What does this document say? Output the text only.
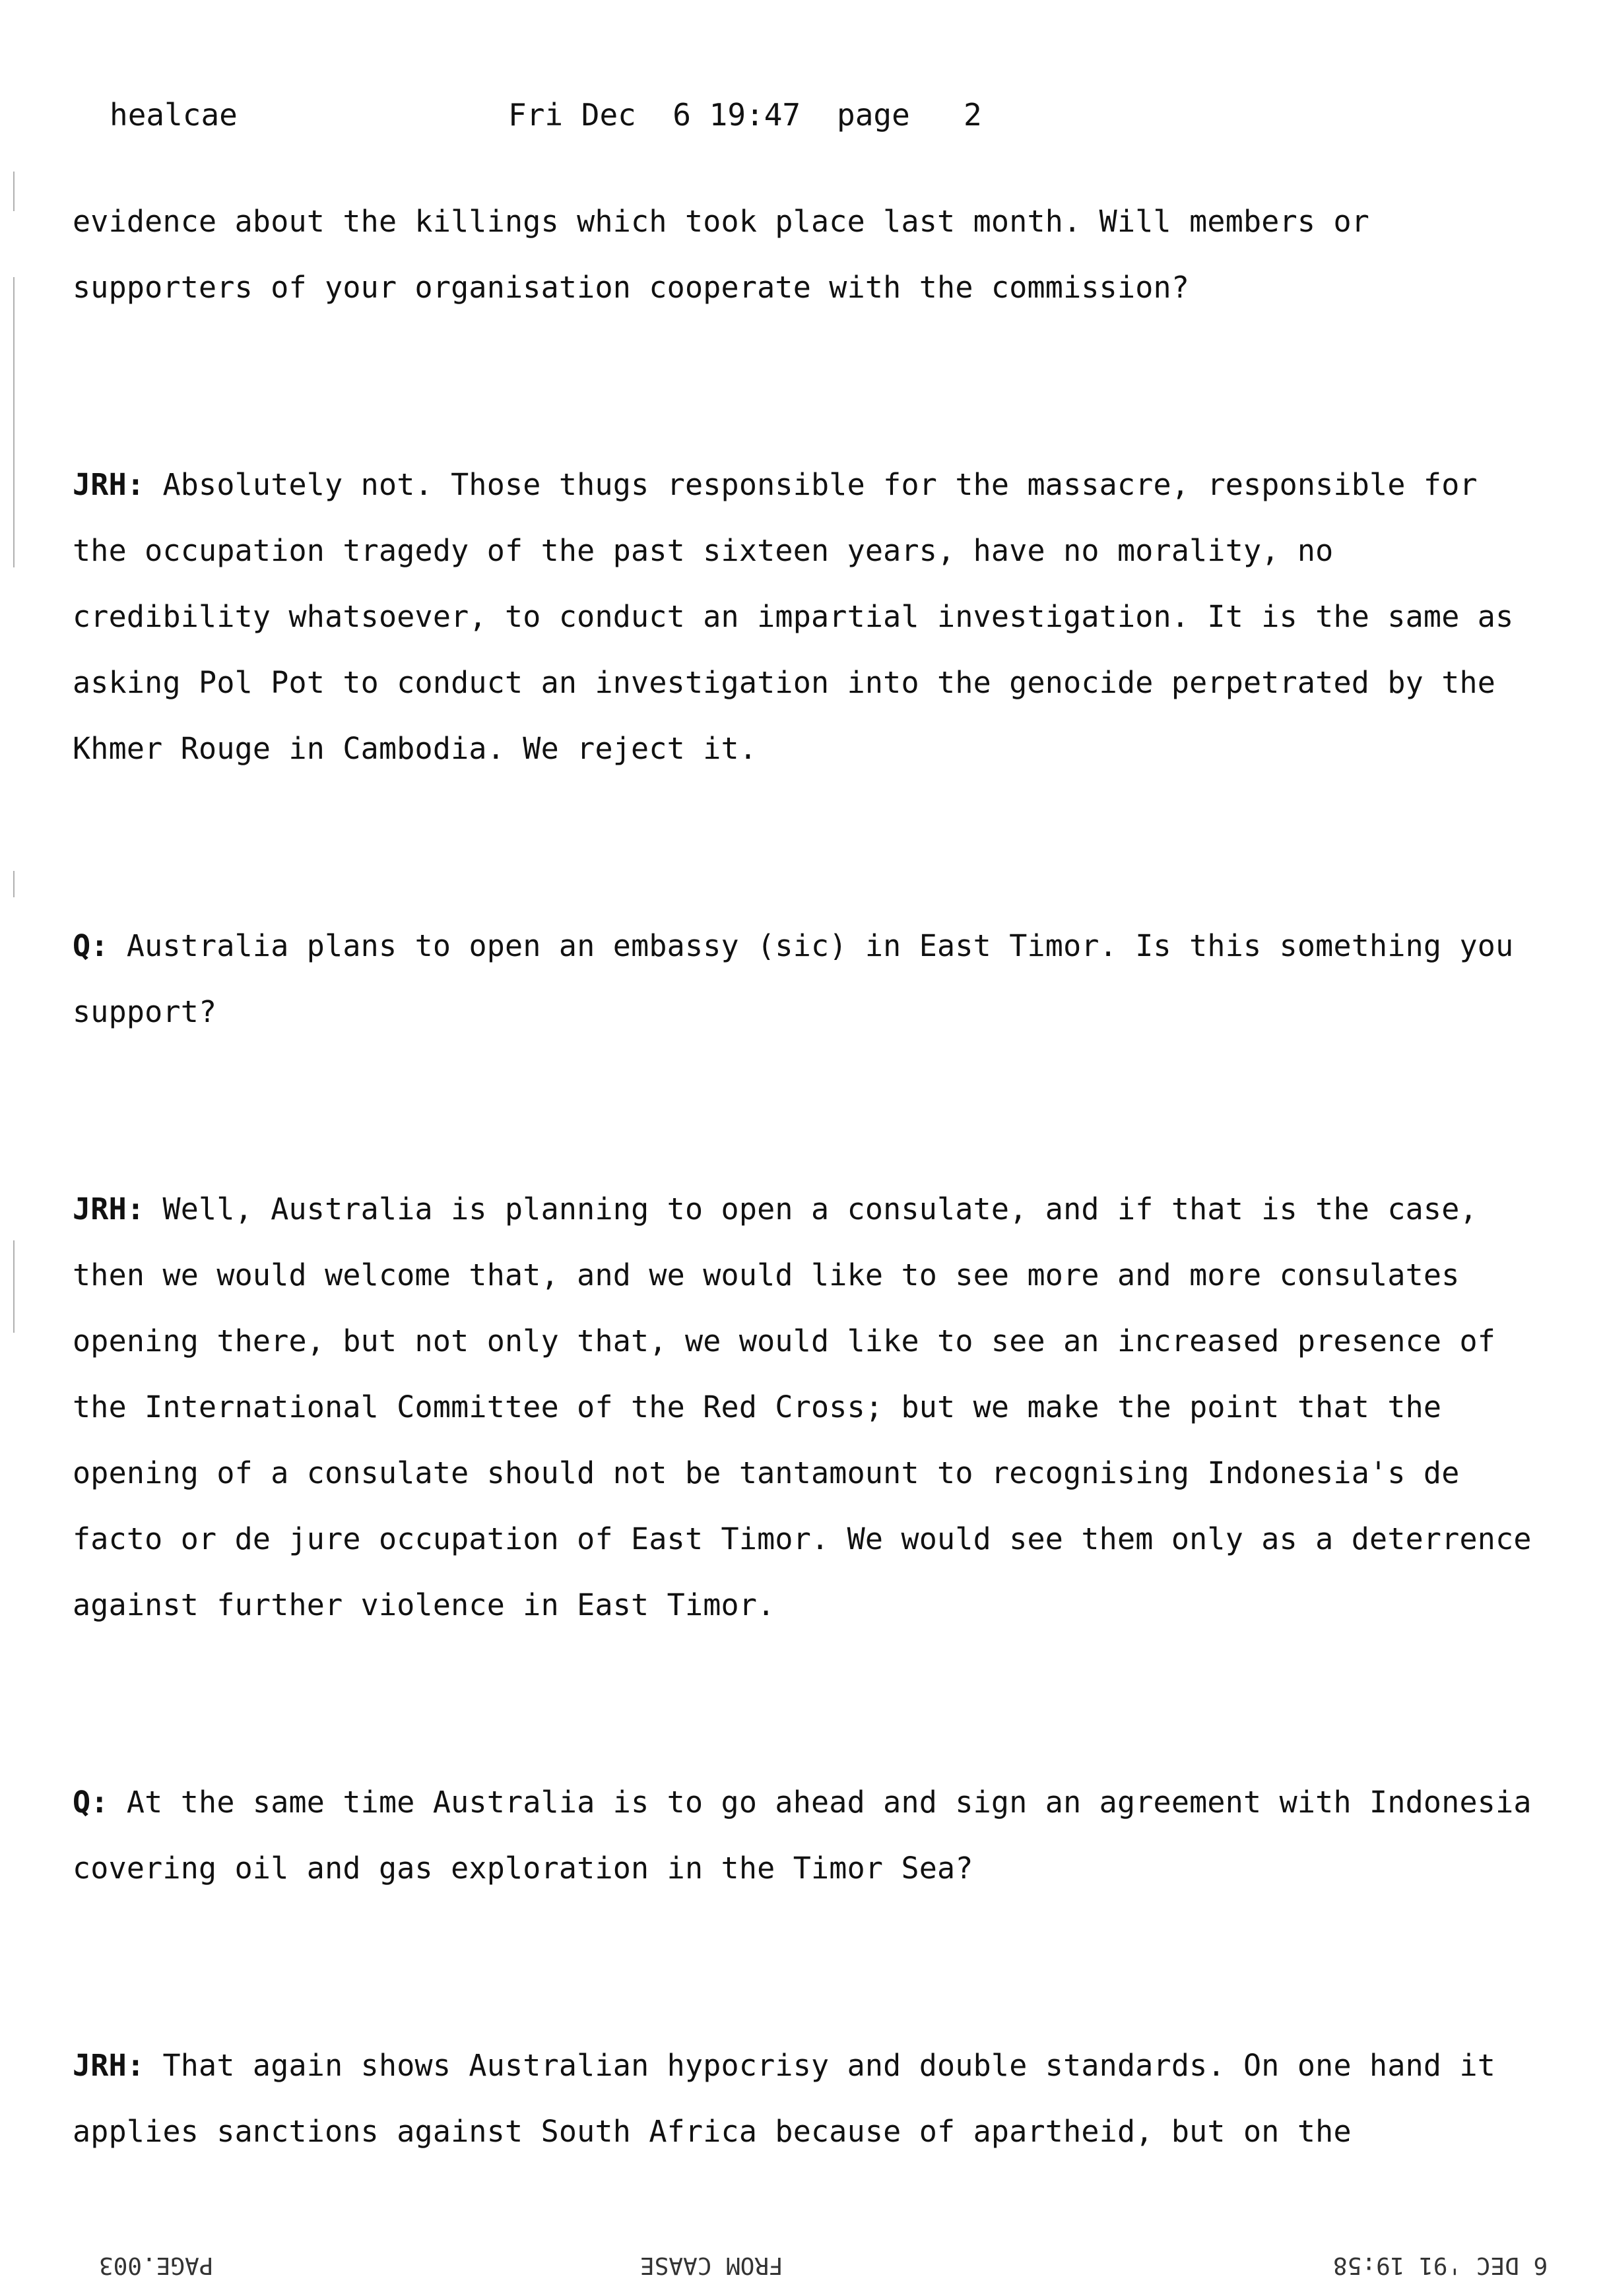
healcae

	Fri Dec  6 19:47

page

2

evidence about the killings which took place last month. Will members or supporters of your organisation cooperate with the commission?

JRH: Absolutely not. Those thugs responsible for the massacre, responsible for the occupation tragedy of the past sixteen years, have no morality, no credibility whatsoever, to conduct an impartial investigation. It is the same as asking Pol Pot to conduct an investigation into the genocide perpetrated by the Khmer Rouge in Cambodia. We reject it.

Q: Australia plans to open an embassy (sic) in East Timor. Is this something you support?

JRH: Well, Australia is planning to open a consulate, and if that is the case, then we would welcome that, and we would like to see more and more consulates opening there, but not only that, we would like to see an increased presence of the International Committee of the Red Cross; but we make the point that the opening of a consulate should not be tantamount to recognising Indonesia's de facto or de jure occupation of East Timor. We would see them only as a deterrence against further violence in East Timor.

Q: At the same time Australia is to go ahead and sign an agreement with Indonesia covering oil and gas exploration in the Timor Sea?

JRH: That again shows Australian hypocrisy and double standards. On one hand it applies sanctions against South Africa because of apartheid, but on the

6 DEC '91 19:58
FROM CAASE
PAGE.003
